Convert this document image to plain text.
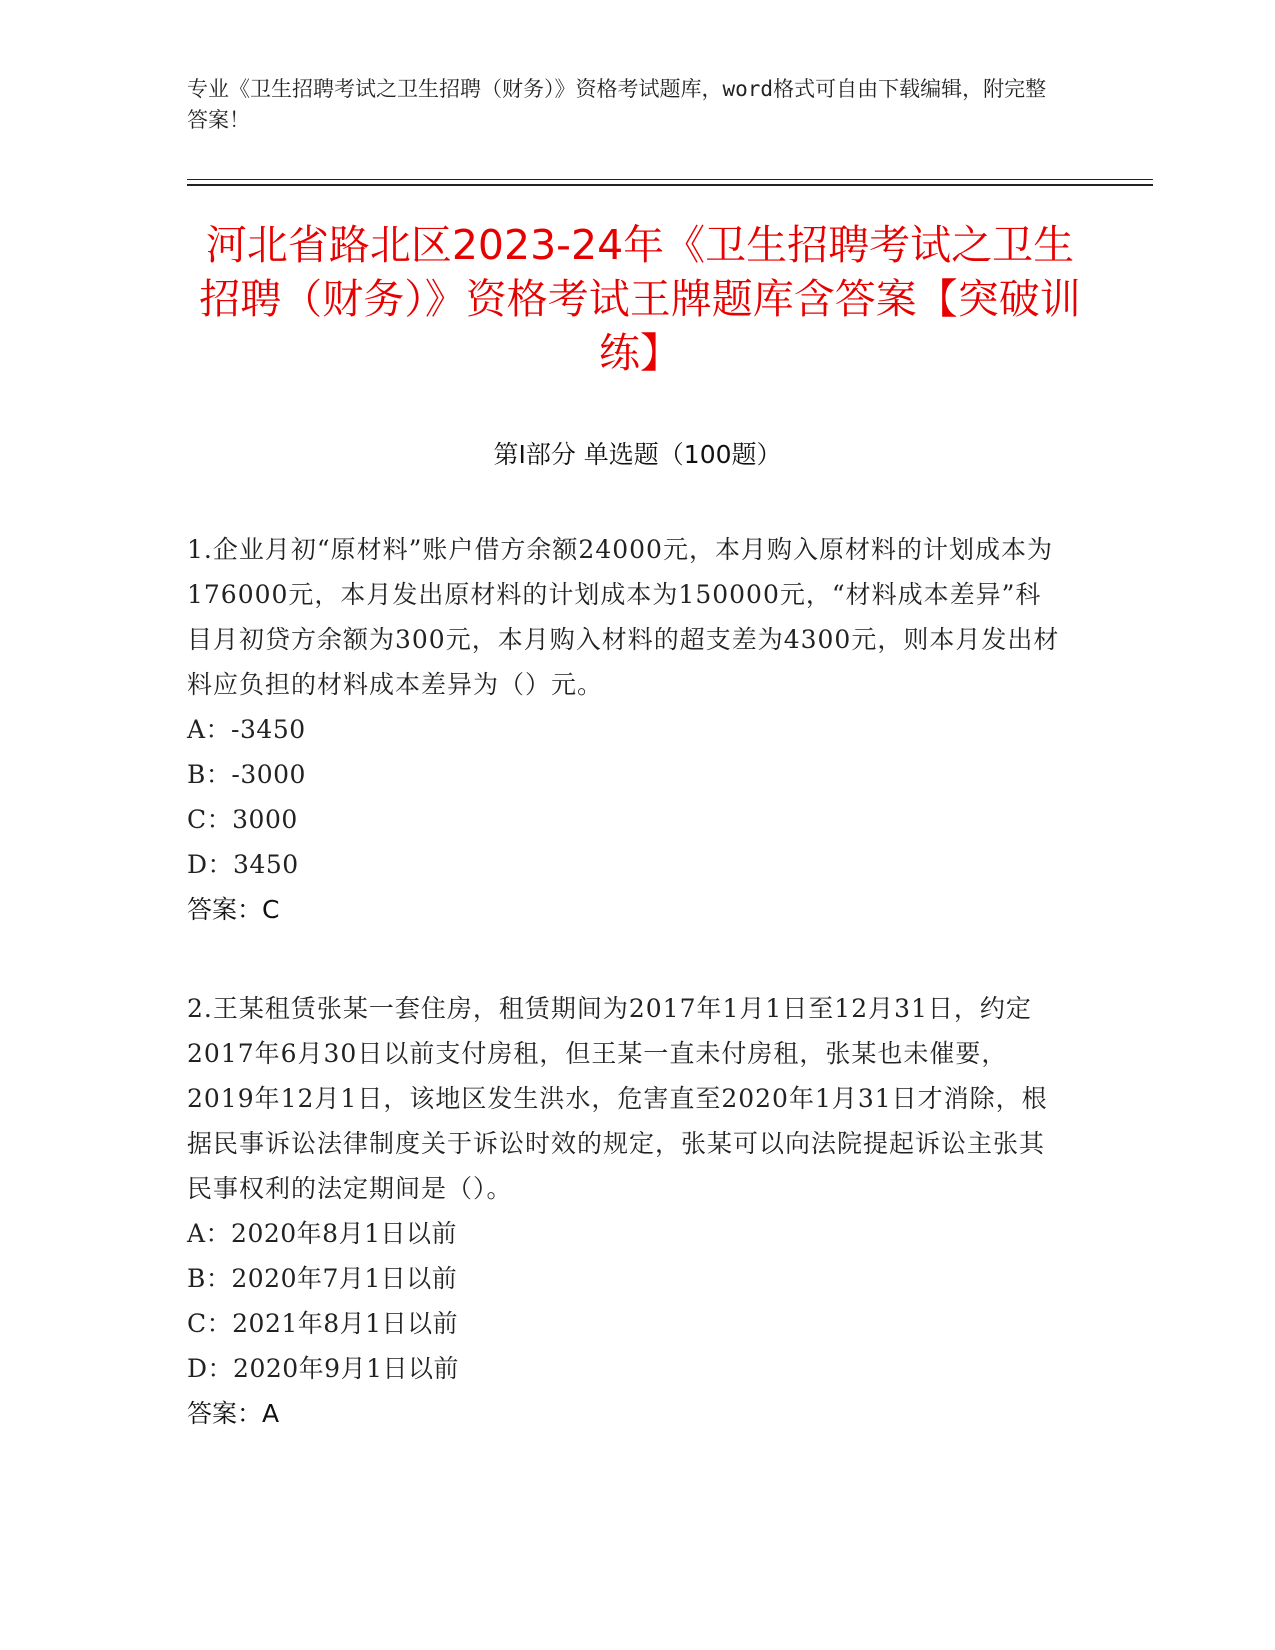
专业《卫生招聘考试之卫生招聘（财务）》资格考试题库，word格式可自由下载编辑，附完整答案！
河北省路北区2023-24年《卫生招聘考试之卫生招聘（财务）》资格考试王牌题库含答案【突破训练】
第Ⅰ部分 单选题（100题）

1.企业月初“原材料”账户借方余额24000元，本月购入原材料的计划成本为176000元，本月发出原材料的计划成本为150000元，“材料成本差异”科目月初贷方余额为300元，本月购入材料的超支差为4300元，则本月发出材料应负担的材料成本差异为（）元。

A：-3450
B：-3000
C：3000
D：3450
答案：C

2.王某租赁张某一套住房，租赁期间为2017年1月1日至12月31日，约定2017年6月30日以前支付房租，但王某一直未付房租，张某也未催要，2019年12月1日，该地区发生洪水，危害直至2020年1月31日才消除，根据民事诉讼法律制度关于诉讼时效的规定，张某可以向法院提起诉讼主张其民事权利的法定期间是（）。

A：2020年8月1日以前
B：2020年7月1日以前
C：2021年8月1日以前
D：2020年9月1日以前
答案：A
